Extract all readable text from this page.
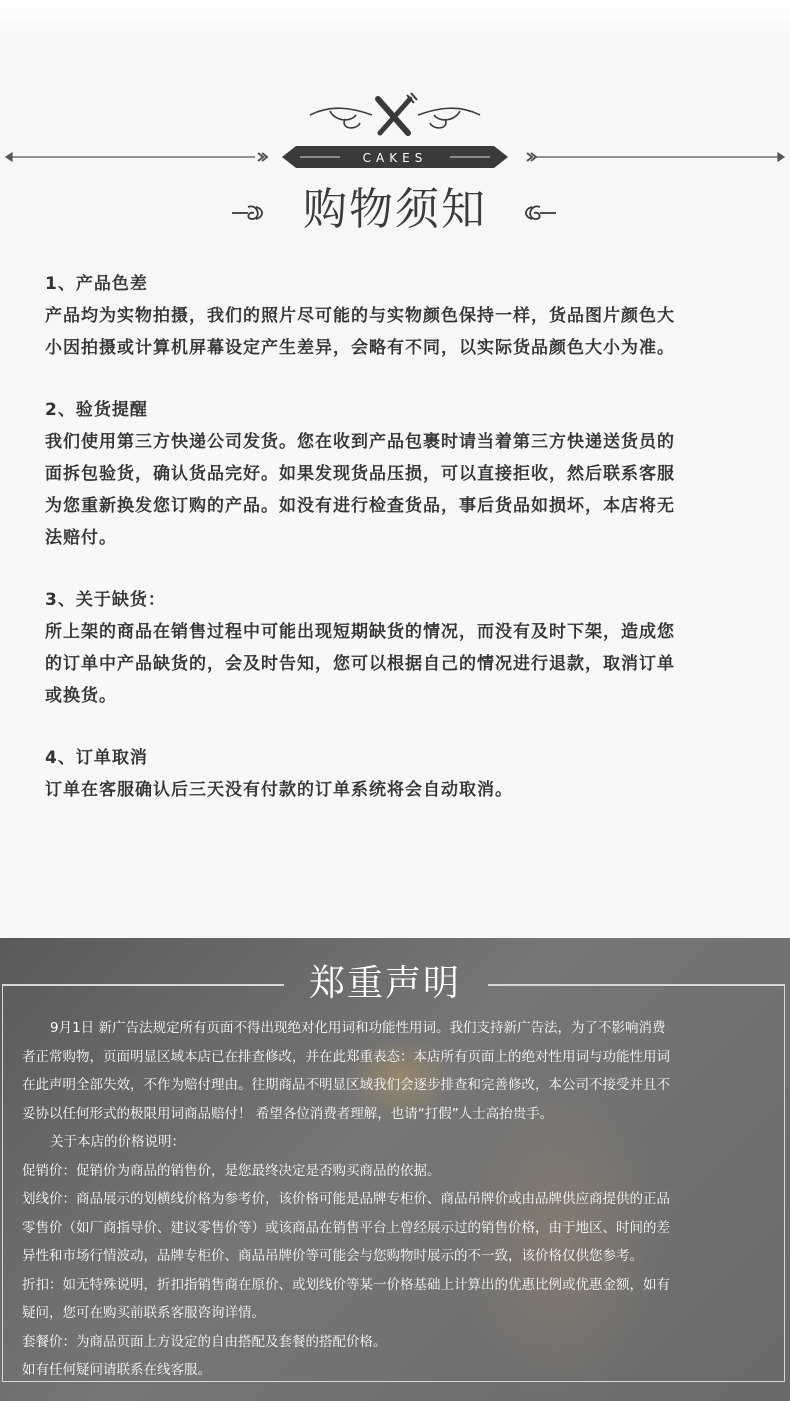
CAKES
购物须知
1、产品色差

产品均为实物拍摄，我们的照片尽可能的与实物颜色保持一样，货品图片颜色大

小因拍摄或计算机屏幕设定产生差异，会略有不同，以实际货品颜色大小为准。

2、验货提醒

我们使用第三方快递公司发货。您在收到产品包裹时请当着第三方快递送货员的

面拆包验货，确认货品完好。如果发现货品压损，可以直接拒收，然后联系客服

为您重新换发您订购的产品。如没有进行检查货品，事后货品如损坏，本店将无

法赔付。

3、关于缺货：

所上架的商品在销售过程中可能出现短期缺货的情况，而没有及时下架，造成您

的订单中产品缺货的，会及时告知，您可以根据自己的情况进行退款，取消订单

或换货。

4、订单取消

订单在客服确认后三天没有付款的订单系统将会自动取消。

郑重声明

9月1日 新广告法规定所有页面不得出现绝对化用词和功能性用词。我们支持新广告法，为了不影响消费

者正常购物，页面明显区域本店已在排查修改，并在此郑重表态：本店所有页面上的绝对性用词与功能性用词

在此声明全部失效，不作为赔付理由。往期商品不明显区域我们会逐步排查和完善修改，本公司不接受并且不

妥协以任何形式的极限用词商品赔付！ 希望各位消费者理解，也请“打假”人士高抬贵手。

关于本店的价格说明：

促销价：促销价为商品的销售价，是您最终决定是否购买商品的依据。

划线价：商品展示的划横线价格为参考价，该价格可能是品牌专柜价、商品吊牌价或由品牌供应商提供的正品

零售价（如厂商指导价、建议零售价等）或该商品在销售平台上曾经展示过的销售价格，由于地区、时间的差

异性和市场行情波动，品牌专柜价、商品吊牌价等可能会与您购物时展示的不一致，该价格仅供您参考。

折扣：如无特殊说明，折扣指销售商在原价、或划线价等某一价格基础上计算出的优惠比例或优惠金额，如有

疑问，您可在购买前联系客服咨询详情。

套餐价：为商品页面上方设定的自由搭配及套餐的搭配价格。

如有任何疑问请联系在线客服。
